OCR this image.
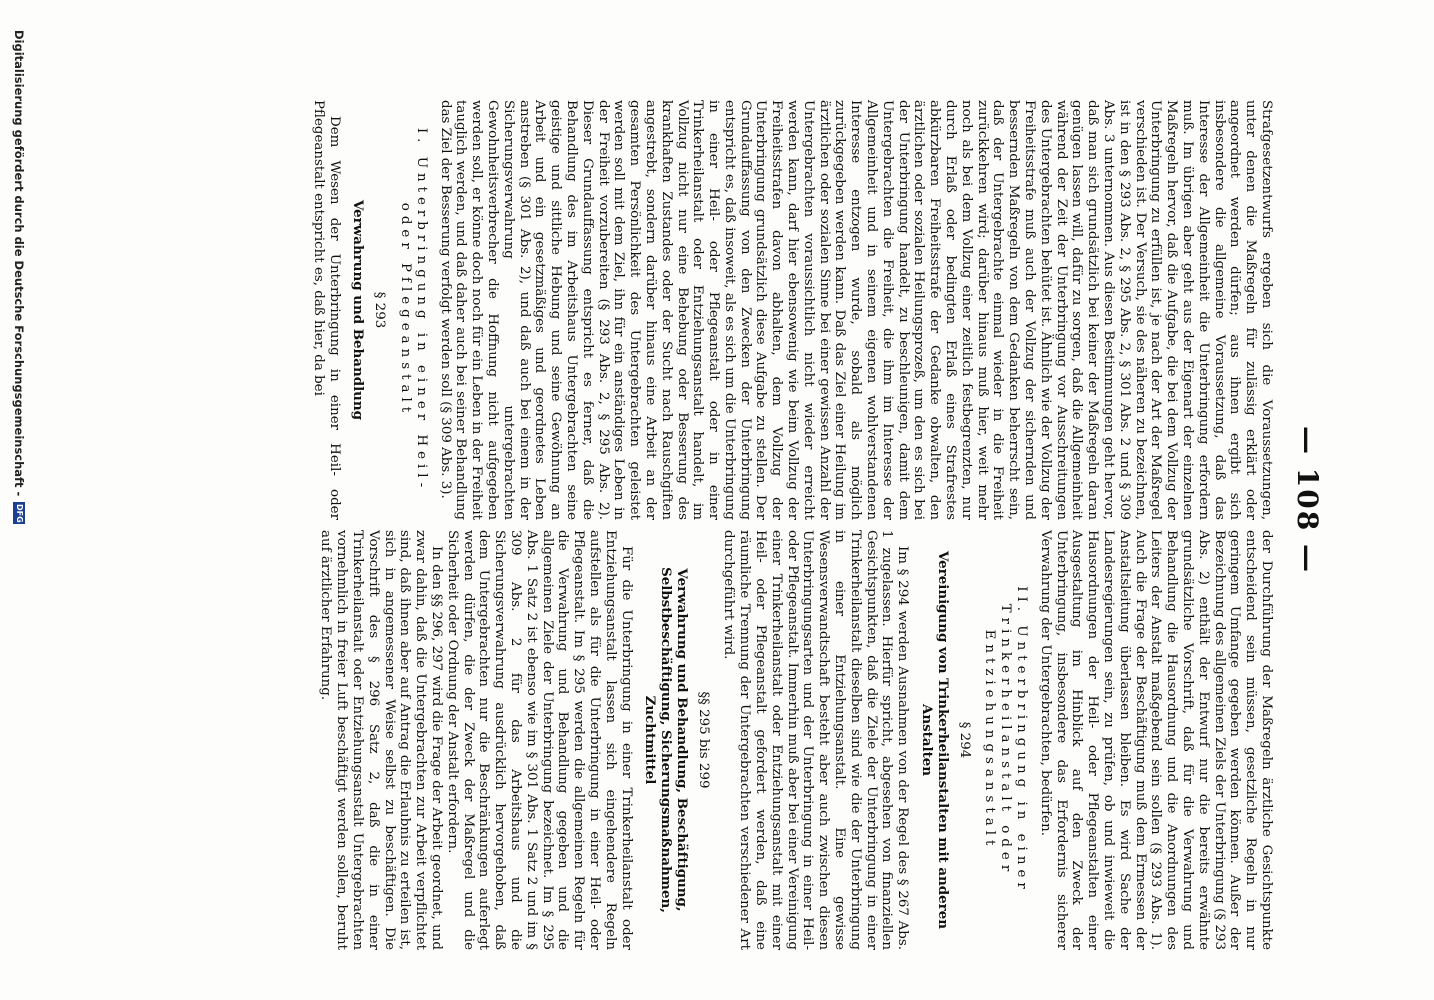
— 108 —

Strafgesetzentwurfs ergeben sich die Voraussetzungen, unter denen die Maßregeln für zulässig erklärt oder angeordnet werden dürfen; aus ihnen ergibt sich insbesondere die allgemeine Voraussetzung, daß das Interesse der Allgemeinheit die Unterbringung erfordern muß. Im übrigen aber geht aus der Eigenart der einzelnen Maßregeln hervor, daß die Aufgabe, die bei dem Vollzug der Unterbringung zu erfüllen ist, je nach der Art der Maßregel verschieden ist. Der Versuch, sie des näheren zu bezeichnen, ist in den § 293 Abs. 2, § 295 Abs. 2, § 301 Abs. 2 und § 309 Abs. 3 unternommen. Aus diesen Bestimmungen geht hervor, daß man sich grundsätzlich bei keiner der Maßregeln daran genügen lassen will, dafür zu sorgen, daß die Allgemeinheit während der Zeit der Unterbringung vor Ausschreitungen des Untergebrachten behütet ist. Ähnlich wie der Vollzug der Freiheitsstrafe muß auch der Vollzug der sichernden und bessernden Maßregeln von dem Gedanken beherrscht sein, daß der Untergebrachte einmal wieder in die Freiheit zurückkehren wird; darüber hinaus muß hier, weit mehr noch als bei dem Vollzug einer zeitlich festbegrenzten, nur durch Erlaß oder bedingten Erlaß eines Strafrestes abkürzbaren Freiheitsstrafe der Gedanke obwalten, den ärztlichen oder sozialen Heilungsprozeß, um den es sich bei der Unterbringung handelt, zu beschleunigen, damit dem Untergebrachten die Freiheit, die ihm im Interesse der Allgemeinheit und in seinem eigenen wohlverstandenen Interesse entzogen wurde, sobald als möglich zurückgegeben werden kann. Daß das Ziel einer Heilung im ärztlichen oder sozialen Sinne bei einer gewissen Anzahl der Untergebrachten voraussichtlich nicht wieder erreicht werden kann, darf hier ebensowenig wie beim Vollzug der Freiheitsstrafen davon abhalten, dem Vollzug der Unterbringung grundsätzlich diese Aufgabe zu stellen. Der Grundauffassung von den Zwecken der Unterbringung entspricht es, daß insoweit, als es sich um die Unterbringung in einer Heil- oder Pflegeanstalt oder in einer Trinkerheilanstalt oder Entziehungsanstalt handelt, im Vollzug nicht nur eine Behebung oder Besserung des krankhaften Zustandes oder der Sucht nach Rauschgiften angestrebt, sondern darüber hinaus eine Arbeit an der gesamten Persönlichkeit des Untergebrachten geleistet werden soll mit dem Ziel, ihn für ein anständiges Leben in der Freiheit vorzubereiten (§ 293 Abs. 2, § 295 Abs. 2). Dieser Grundauffassung entspricht es ferner, daß die Behandlung des im Arbeitshaus Untergebrachten seine geistige und sittliche Hebung und seine Gewöhnung an Arbeit und ein gesetzmäßiges und geordnetes Leben anstreben (§ 301 Abs. 2), und daß auch bei einem in der Sicherungsverwahrung untergebrachten Gewohnheitsverbrecher die Hoffnung nicht aufgegeben werden soll, er könne doch noch für ein Leben in der Freiheit tauglich werden, und daß daher auch bei seiner Behandlung das Ziel der Besserung verfolgt werden soll (§ 309 Abs. 3).

I. Unterbringung in einer Heil- oder Pflegeanstalt
§ 293
Verwahrung und Behandlung

Dem Wesen der Unterbringung in einer Heil- oder Pflegeanstalt entspricht es, daß hier, da bei

der Durchführung der Maßregeln ärztliche Gesichtspunkte entscheidend sein müssen, gesetzliche Regeln in nur geringem Umfange gegeben werden können. Außer der Bezeichnung des allgemeinen Ziels der Unterbringung (§ 293 Abs. 2) enthält der Entwurf nur die bereits erwähnte grundsätzliche Vorschrift, daß für die Verwahrung und Behandlung die Hausordnung und die Anordnungen des Leiters der Anstalt maßgebend sein sollen (§ 293 Abs. 1). Auch die Frage der Beschäftigung muß dem Ermessen der Anstaltsleitung überlassen bleiben. Es wird Sache der Landesregierungen sein, zu prüfen, ob und inwieweit die Hausordnungen der Heil- oder Pflegeanstalten einer Ausgestaltung im Hinblick auf den Zweck der Unterbringung, insbesondere das Erfordernis sicherer Verwahrung der Untergebrachten, bedürfen.

II. Unterbringung in einer Trinkerheilanstalt oder Entziehungsanstalt
§ 294
Vereinigung von Trinkerheilanstalten mit anderen Anstalten

Im § 294 werden Ausnahmen von der Regel des § 267 Abs. 1 zugelassen. Hierfür spricht, abgesehen von finanziellen Gesichtspunkten, daß die Ziele der Unterbringung in einer Trinkerheilanstalt dieselben sind wie die der Unterbringung in einer Entziehungsanstalt. Eine gewisse Wesensverwandtschaft besteht aber auch zwischen diesen Unterbringungsarten und der Unterbringung in einer Heil- oder Pflegeanstalt. Immerhin muß aber bei einer Vereinigung einer Trinkerheilanstalt oder Entziehungsanstalt mit einer Heil- oder Pflegeanstalt gefordert werden, daß eine räumliche Trennung der Untergebrachten verschiedener Art durchgeführt wird.

§§ 295 bis 299
Verwahrung und Behandlung, Beschäftigung, Selbstbeschäftigung, Sicherungsmaßnahmen, Zuchtmittel

Für die Unterbringung in einer Trinkerheilanstalt oder Entziehungsanstalt lassen sich eingehendere Regeln aufstellen als für die Unterbringung in einer Heil- oder Pflegeanstalt. Im § 295 werden die allgemeinen Regeln für die Verwahrung und Behandlung gegeben und die allgemeinen Ziele der Unterbringung bezeichnet. Im § 295 Abs. 1 Satz 2 ist ebenso wie im § 301 Abs. 1 Satz 2 und im § 309 Abs. 2 für das Arbeitshaus und die Sicherungsverwahrung ausdrücklich hervorgehoben, daß dem Untergebrachten nur die Beschränkungen auferlegt werden dürfen, die der Zweck der Maßregel und die Sicherheit oder Ordnung der Anstalt erfordern.

In den §§ 296, 297 wird die Frage der Arbeit geordnet, und zwar dahin, daß die Untergebrachten zur Arbeit verpflichtet sind, daß ihnen aber auf Antrag die Erlaubnis zu erteilen ist, sich in angemessener Weise selbst zu beschäftigen. Die Vorschrift des § 296 Satz 2, daß die in einer Trinkerheilanstalt oder Entziehungsanstalt Untergebrachten vornehmlich in freier Luft beschäftigt werden sollen, beruht auf ärztlicher Erfahrung.

Digitalisierung gefördert durch die Deutsche Forschungsgemeinschaft -
DFG
